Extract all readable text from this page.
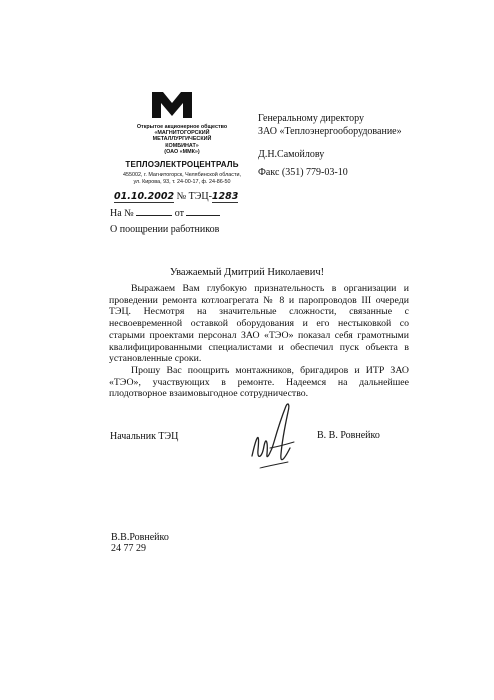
Открытое акционерное общество
«МАГНИТОГОРСКИЙ
МЕТАЛЛУРГИЧЕСКИЙ
КОМБИНАТ»
(ОАО «ММК»)
ТЕПЛОЭЛЕКТРОЦЕНТРАЛЬ
455002, г. Магнитогорск, Челябинской области,
ул. Кирова, 93, т. 24-00-17, ф. 24-86-50
01.10.2002 № ТЭЦ-1283
На №	от
О поощрении работников
Генеральному директору
ЗАО «Теплоэнергооборудование»
Д.Н.Самойлову
Факс (351) 779-03-10
Уважаемый Дмитрий Николаевич!

Выражаем Вам глубокую признательность в организации и проведении ремонта котлоагрегата № 8 и паропроводов III очереди ТЭЦ. Несмотря на значительные сложности, связанные с несвоевременной оставкой оборудования и его нестыковкой со старыми проектами персонал ЗАО «ТЭО» показал себя грамотными квалифицированными специалистами и обеспечил пуск объекта в установленные сроки.

Прошу Вас поощрить монтажников, бригадиров и ИТР ЗАО «ТЭО», участвующих в ремонте. Надеемся на дальнейшее плодотворное взаимовыгодное сотрудничество.

Начальник ТЭЦ	В. В. Ровнейко
В.В.Ровнейко
24 77 29
